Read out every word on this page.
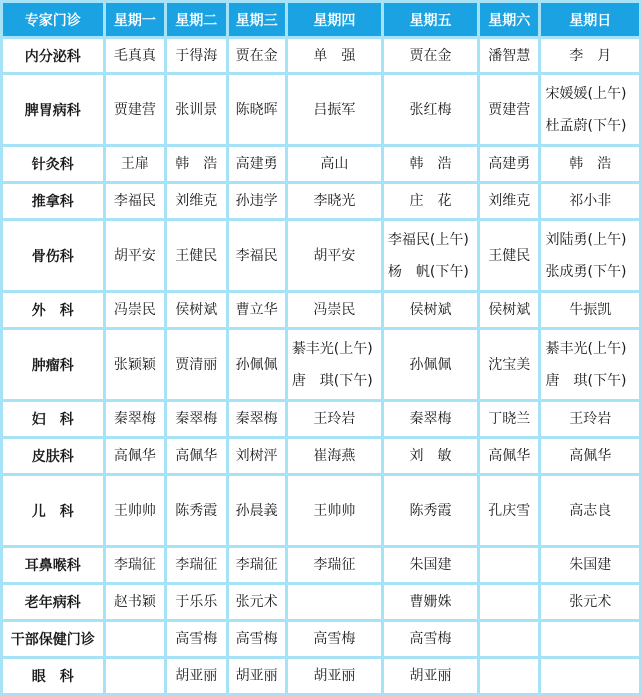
专家门诊	星期一	星期二	星期三	星期四	星期五	星期六	星期日
内分泌科	毛真真	于得海	贾在金	单　强	贾在金	潘智慧	李　月

脾胃病科	贾建营	张训景	陈晓晖	吕振军	张红梅	贾建营	宋媛媛(上午)
杜孟蔚(下午)

针灸科	王扉	韩　浩	高建勇	高山	韩　浩	高建勇	韩　浩

推拿科	李福民	刘维克	孙违学	李晓光	庄　花	刘维克	祁小非

骨伤科	胡平安	王健民	李福民	胡平安	李福民(上午)
杨　帆(下午)	王健民	刘陆勇(上午)
张成勇(下午)

外　科	冯崇民	侯树斌	曹立华	冯崇民	侯树斌	侯树斌	牛振凯

肿瘤科	张颖颖	贾清丽	孙佩佩	綦丰光(上午)
唐　琪(下午)	孙佩佩	沈宝美	綦丰光(上午)
唐　琪(下午)

妇　科	秦翠梅	秦翠梅	秦翠梅	王玲岩	秦翠梅	丁晓兰	王玲岩

皮肤科	高佩华	高佩华	刘树泙	崔海燕	刘　敏	高佩华	高佩华

儿　科	王帅帅	陈秀霞	孙晨義	王帅帅	陈秀霞	孔庆雪	高志良

耳鼻喉科	李瑞征	李瑞征	李瑞征	李瑞征	朱国建		朱国建

老年病科	赵书颖	于乐乐	张元术		曹姗姝		张元术

干部保健门诊		高雪梅	高雪梅	高雪梅	高雪梅		

眼　科		胡亚丽	胡亚丽	胡亚丽	胡亚丽		
